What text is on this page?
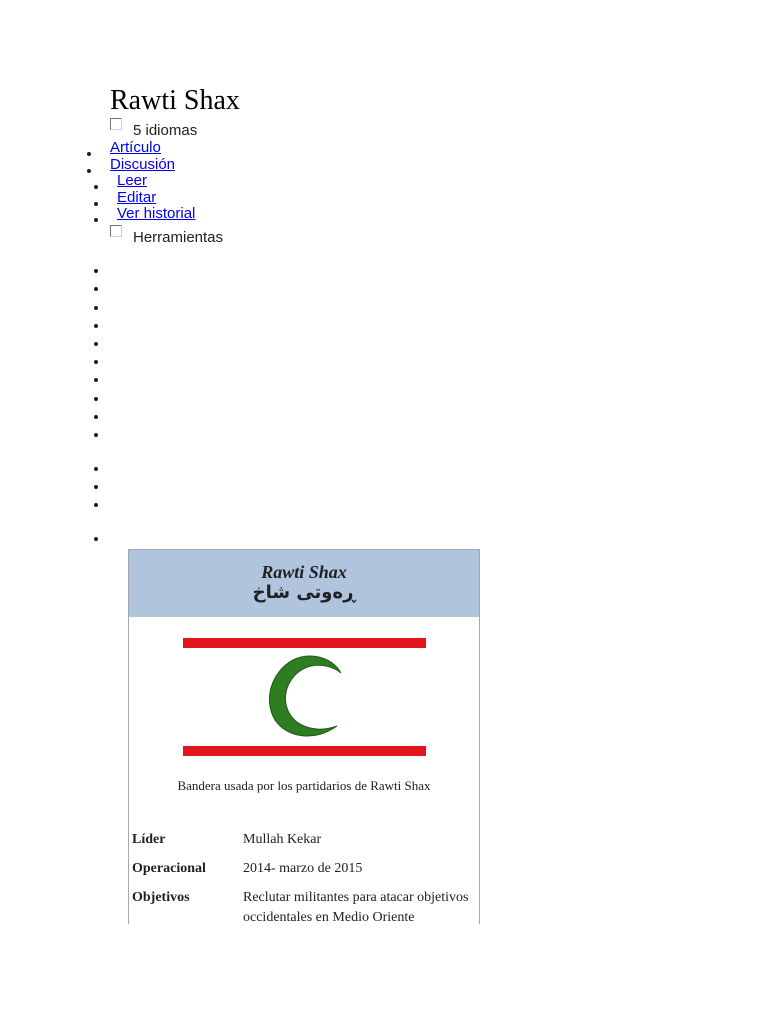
Rawti Shax
5 idiomas
Artículo
Discusión
Leer
Editar
Ver historial
Herramientas
Rawti Shax
ڕەوتی شاخ
Bandera usada por los partidarios de Rawti Shax
Líder	Mullah Kekar
Operacional	2014- marzo de 2015
Objetivos	Reclutar militantes para atacar objetivos occidentales en Medio Oriente
